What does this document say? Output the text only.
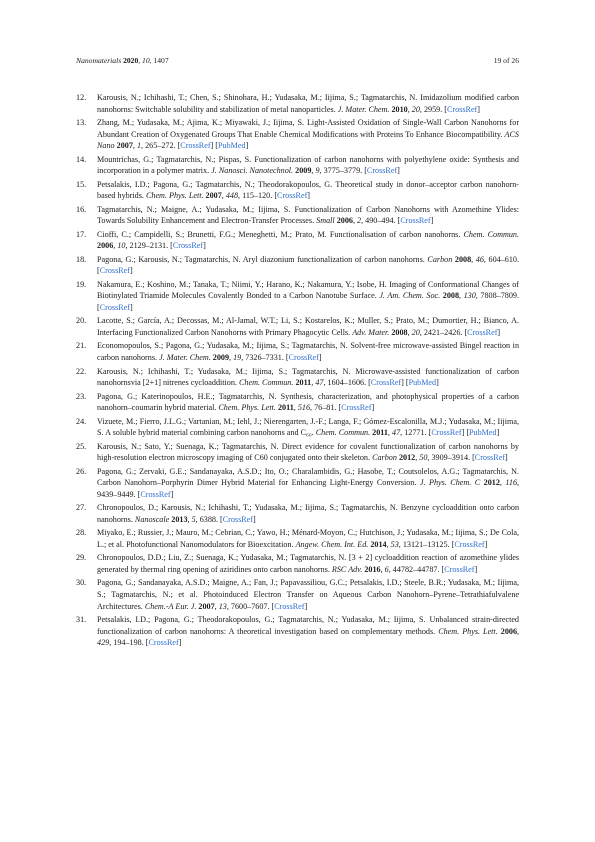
Nanomaterials 2020, 10, 1407	19 of 26
12. Karousis, N.; Ichihashi, T.; Chen, S.; Shinohara, H.; Yudasaka, M.; Iijima, S.; Tagmatarchis, N. Imidazolium modified carbon nanohorns: Switchable solubility and stabilization of metal nanoparticles. J. Mater. Chem. 2010, 20, 2959. [CrossRef]
13. Zhang, M.; Yudasaka, M.; Ajima, K.; Miyawaki, J.; Iijima, S. Light-Assisted Oxidation of Single-Wall Carbon Nanohorns for Abundant Creation of Oxygenated Groups That Enable Chemical Modifications with Proteins To Enhance Biocompatibility. ACS Nano 2007, 1, 265–272. [CrossRef] [PubMed]
14. Mountrichas, G.; Tagmatarchis, N.; Pispas, S. Functionalization of carbon nanohorns with polyethylene oxide: Synthesis and incorporation in a polymer matrix. J. Nanosci. Nanotechnol. 2009, 9, 3775–3779. [CrossRef]
15. Petsalakis, I.D.; Pagona, G.; Tagmatarchis, N.; Theodorakopoulos, G. Theoretical study in donor–acceptor carbon nanohorn-based hybrids. Chem. Phys. Lett. 2007, 448, 115–120. [CrossRef]
16. Tagmatarchis, N.; Maigne, A.; Yudasaka, M.; Iijima, S. Functionalization of Carbon Nanohorns with Azomethine Ylides: Towards Solubility Enhancement and Electron-Transfer Processes. Small 2006, 2, 490–494. [CrossRef]
17. Cioffi, C.; Campidelli, S.; Brunetti, F.G.; Meneghetti, M.; Prato, M. Functionalisation of carbon nanohorns. Chem. Commun. 2006, 10, 2129–2131. [CrossRef]
18. Pagona, G.; Karousis, N.; Tagmatarchis, N. Aryl diazonium functionalization of carbon nanohorns. Carbon 2008, 46, 604–610. [CrossRef]
19. Nakamura, E.; Koshino, M.; Tanaka, T.; Niimi, Y.; Harano, K.; Nakamura, Y.; Isobe, H. Imaging of Conformational Changes of Biotinylated Triamide Molecules Covalently Bonded to a Carbon Nanotube Surface. J. Am. Chem. Soc. 2008, 130, 7808–7809. [CrossRef]
20. Lacotte, S.; García, A.; Decossas, M.; Al-Jamal, W.T.; Li, S.; Kostarelos, K.; Muller, S.; Prato, M.; Dumortier, H.; Bianco, A. Interfacing Functionalized Carbon Nanohorns with Primary Phagocytic Cells. Adv. Mater. 2008, 20, 2421–2426. [CrossRef]
21. Economopoulos, S.; Pagona, G.; Yudasaka, M.; Iijima, S.; Tagmatarchis, N. Solvent-free microwave-assisted Bingel reaction in carbon nanohorns. J. Mater. Chem. 2009, 19, 7326–7331. [CrossRef]
22. Karousis, N.; Ichihashi, T.; Yudasaka, M.; Iijima, S.; Tagmatarchis, N. Microwave-assisted functionalization of carbon nanohornsvia [2+1] nitrenes cycloaddition. Chem. Commun. 2011, 47, 1604–1606. [CrossRef] [PubMed]
23. Pagona, G.; Katerinopoulos, H.E.; Tagmatarchis, N. Synthesis, characterization, and photophysical properties of a carbon nanohorn–coumarin hybrid material. Chem. Phys. Lett. 2011, 516, 76–81. [CrossRef]
24. Vizuete, M.; Fierro, J.L.G.; Vartanian, M.; Iehl, J.; Nierengarten, J.-F.; Langa, F.; Gómez-Escalonilla, M.J.; Yudasaka, M.; Iijima, S. A soluble hybrid material combining carbon nanohorns and C₆₀. Chem. Commun. 2011, 47, 12771. [CrossRef] [PubMed]
25. Karousis, N.; Sato, Y.; Suenaga, K.; Tagmatarchis, N. Direct evidence for covalent functionalization of carbon nanohorns by high-resolution electron microscopy imaging of C60 conjugated onto their skeleton. Carbon 2012, 50, 3909–3914. [CrossRef]
26. Pagona, G.; Zervaki, G.E.; Sandanayaka, A.S.D.; Ito, O.; Charalambidis, G.; Hasobe, T.; Coutsolelos, A.G.; Tagmatarchis, N. Carbon Nanohorn–Porphyrin Dimer Hybrid Material for Enhancing Light-Energy Conversion. J. Phys. Chem. C 2012, 116, 9439–9449. [CrossRef]
27. Chronopoulos, D.; Karousis, N.; Ichihashi, T.; Yudasaka, M.; Iijima, S.; Tagmatarchis, N. Benzyne cycloaddition onto carbon nanohorns. Nanoscale 2013, 5, 6388. [CrossRef]
28. Miyako, E.; Russier, J.; Mauro, M.; Cebrian, C.; Yawo, H.; Ménard-Moyon, C.; Hutchison, J.; Yudasaka, M.; Iijima, S.; De Cola, L.; et al. Photofunctional Nanomodulators for Bioexcitation. Angew. Chem. Int. Ed. 2014, 53, 13121–13125. [CrossRef]
29. Chronopoulos, D.D.; Liu, Z.; Suenaga, K.; Yudasaka, M.; Tagmatarchis, N. [3 + 2] cycloaddition reaction of azomethine ylides generated by thermal ring opening of aziridines onto carbon nanohorns. RSC Adv. 2016, 6, 44782–44787. [CrossRef]
30. Pagona, G.; Sandanayaka, A.S.D.; Maigne, A.; Fan, J.; Papavassiliou, G.C.; Petsalakis, I.D.; Steele, B.R.; Yudasaka, M.; Iijima, S.; Tagmatarchis, N.; et al. Photoinduced Electron Transfer on Aqueous Carbon Nanohorn–Pyrene–Tetrathiafulvalene Architectures. Chem.-A Eur. J. 2007, 13, 7600–7607. [CrossRef]
31. Petsalakis, I.D.; Pagona, G.; Theodorakopoulos, G.; Tagmatarchis, N.; Yudasaka, M.; Iijima, S. Unbalanced strain-directed functionalization of carbon nanohorns: A theoretical investigation based on complementary methods. Chem. Phys. Lett. 2006, 429, 194–198. [CrossRef]
